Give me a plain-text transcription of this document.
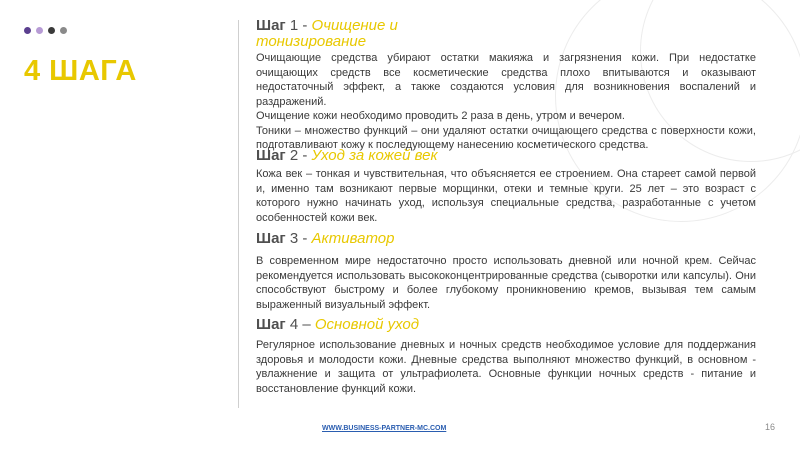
4 ШАГА
Шаг 1 - Очищение и тонизирование

Очищающие средства убирают остатки макияжа и загрязнения кожи. При недостатке очищающих средств все косметические средства плохо впитываются и оказывают недостаточный эффект, а также создаются условия для возникновения воспалений и раздражений.

Очищение кожи необходимо проводить 2 раза в день, утром и вечером.

Тоники – множество функций – они удаляют остатки очищающего средства с поверхности кожи, подготавливают кожу к последующему нанесению косметического средства.

Шаг 2 - Уход за кожей век

Кожа век – тонкая и чувствительная, что объясняется ее строением. Она стареет самой первой и, именно там возникают первые морщинки, отеки и темные круги. 25 лет – это возраст с которого нужно начинать уход, используя специальные средства, разработанные с учетом особенностей кожи век.

Шаг 3 - Активатор

В современном мире недостаточно просто использовать дневной или ночной крем. Сейчас рекомендуется использовать высококонцентрированные средства (сыворотки или капсулы). Они способствуют быстрому и более глубокому проникновению кремов, вызывая тем самым выраженный визуальный эффект.

Шаг 4 – Основной уход

Регулярное использование дневных и ночных средств необходимое условие для поддержания здоровья и молодости кожи. Дневные средства выполняют множество функций, в основном - увлажнение и защита от ультрафиолета. Основные функции ночных средств - питание и восстановление функций кожи.

WWW.BUSINESS-PARTNER-MC.COM	16
